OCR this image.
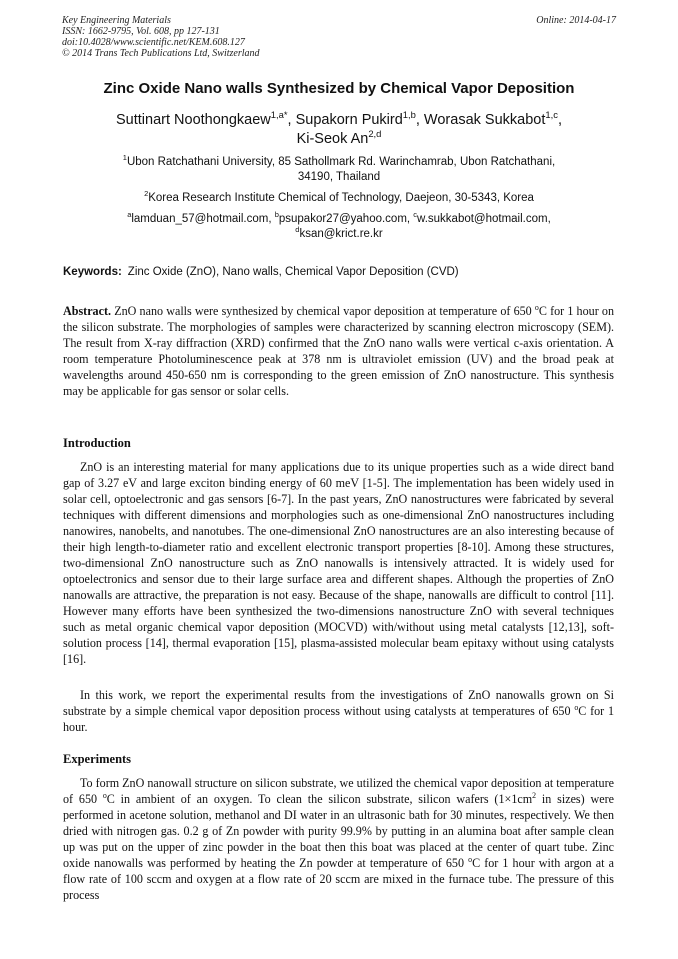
Key Engineering Materials
ISSN: 1662-9795, Vol. 608, pp 127-131
doi:10.4028/www.scientific.net/KEM.608.127
© 2014 Trans Tech Publications Ltd, Switzerland
Online: 2014-04-17
Zinc Oxide Nano walls Synthesized by Chemical Vapor Deposition
Suttinart Noothongkaew$^{1,a*}$, Supakorn Pukird$^{1,b}$, Worasak Sukkabot$^{1,c}$,
Ki-Seok An$^{2,d}$
$^1$Ubon Ratchathani University, 85 Sathollmark Rd. Warinchamrab, Ubon Ratchathani,
34190, Thailand
$^2$Korea Research Institute Chemical of Technology, Daejeon, 30-5343, Korea
$^a$lamduan_57@hotmail.com, $^b$psupakor27@yahoo.com, $^c$w.sukkabot@hotmail.com,
$^d$ksan@krict.re.kr
Keywords: Zinc Oxide (ZnO), Nano walls, Chemical Vapor Deposition (CVD)
Abstract. ZnO nano walls were synthesized by chemical vapor deposition at temperature of 650 $^o$C for 1 hour on the silicon substrate. The morphologies of samples were characterized by scanning electron microscopy (SEM). The result from X-ray diffraction (XRD) confirmed that the ZnO nano walls were vertical c-axis orientation. A room temperature Photoluminescence peak at 378 nm is ultraviolet emission (UV) and the broad peak at wavelengths around 450-650 nm is corresponding to the green emission of ZnO nanostructure. This synthesis may be applicable for gas sensor or solar cells.
Introduction

ZnO is an interesting material for many applications due to its unique properties such as a wide direct band gap of 3.27 eV and large exciton binding energy of 60 meV [1-5]. The implementation has been widely used in solar cell, optoelectronic and gas sensors [6-7]. In the past years, ZnO nanostructures were fabricated by several techniques with different dimensions and morphologies such as one-dimensional ZnO nanostructures including nanowires, nanobelts, and nanotubes. The one-dimensional ZnO nanostructures are an also interesting because of their high length-to-diameter ratio and excellent electronic transport properties [8-10]. Among these structures, two-dimensional ZnO nanostructure such as ZnO nanowalls is intensively attracted. It is widely used for optoelectronics and sensor due to their large surface area and different shapes. Although the properties of ZnO nanowalls are attractive, the preparation is not easy. Because of the shape, nanowalls are difficult to control [11]. However many efforts have been synthesized the two-dimensions nanostructure ZnO with several techniques such as metal organic chemical vapor deposition (MOCVD) with/without using metal catalysts [12,13], soft-solution process [14], thermal evaporation [15], plasma-assisted molecular beam epitaxy without using catalysts [16].

In this work, we report the experimental results from the investigations of ZnO nanowalls grown on Si substrate by a simple chemical vapor deposition process without using catalysts at temperatures of 650 $^o$C for 1 hour.

Experiments

To form ZnO nanowall structure on silicon substrate, we utilized the chemical vapor deposition at temperature of 650 $^o$C in ambient of an oxygen. To clean the silicon substrate, silicon wafers ($1\times 1cm^2$ in sizes) were performed in acetone solution, methanol and DI water in an ultrasonic bath for 30 minutes, respectively. We then dried with nitrogen gas. 0.2 g of Zn powder with purity 99.9% by putting in an alumina boat after sample clean up was put on the upper of zinc powder in the boat then this boat was placed at the center of quart tube. Zinc oxide nanowalls was performed by heating the Zn powder at temperature of 650 $^o$C for 1 hour with argon at a flow rate of 100 sccm and oxygen at a flow rate of 20 sccm are mixed in the furnace tube. The pressure of this process
